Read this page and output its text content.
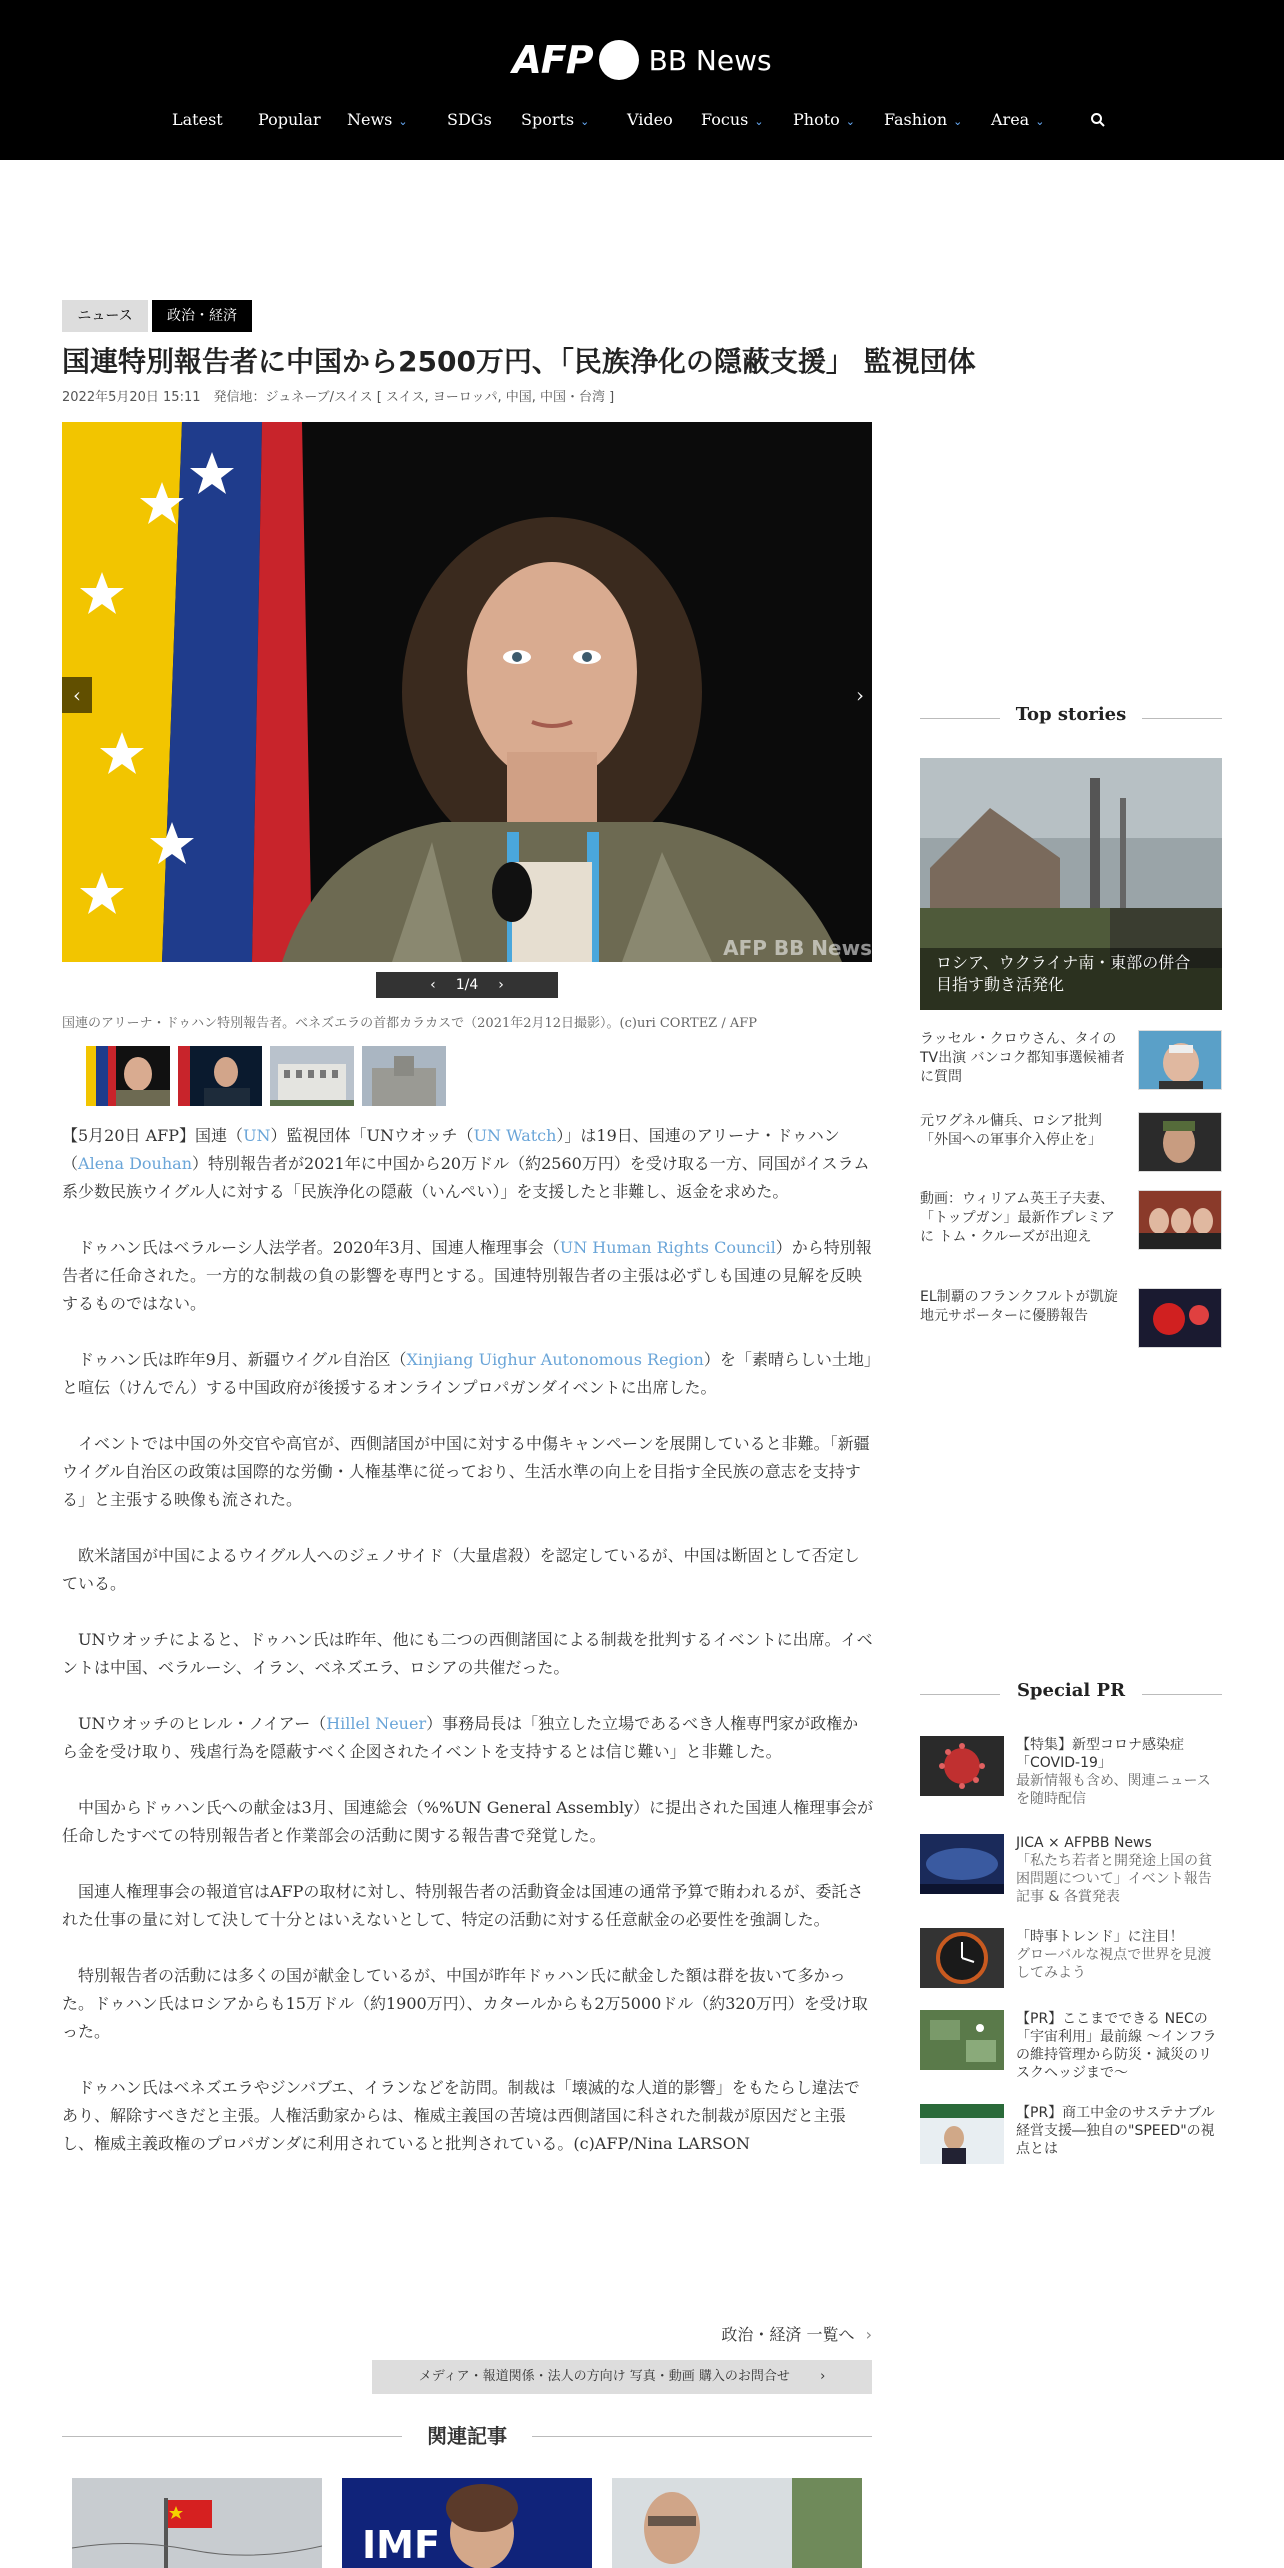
AFP BB News
Latest Popular News ⌄ SDGs Sports ⌄ Video Focus ⌄ Photo ⌄ Fashion ⌄ Area ⌄
ニュース	政治・経済
国連特別報告者に中国から2500万円、「民族浄化の隠蔽支援」 監視団体
2022年5月20日 15:11　発信地：ジュネーブ/スイス [ スイス, ヨーロッパ, 中国, 中国・台湾 ]
‹	›
AFP BB News
‹ 1/4 ›
国連のアリーナ・ドゥハン特別報告者。ベネズエラの首都カラカスで（2021年2月12日撮影）。(c)uri CORTEZ / AFP

【5月20日 AFP】国連（UN）監視団体「UNウオッチ（UN Watch）」は19日、国連のアリーナ・ドゥハン（Alena Douhan）特別報告者が2021年に中国から20万ドル（約2560万円）を受け取る一方、同国がイスラム系少数民族ウイグル人に対する「民族浄化の隠蔽（いんぺい）」を支援したと非難し、返金を求めた。

　ドゥハン氏はベラルーシ人法学者。2020年3月、国連人権理事会（UN Human Rights Council）から特別報告者に任命された。一方的な制裁の負の影響を専門とする。国連特別報告者の主張は必ずしも国連の見解を反映するものではない。

　ドゥハン氏は昨年9月、新疆ウイグル自治区（Xinjiang Uighur Autonomous Region）を「素晴らしい土地」と喧伝（けんでん）する中国政府が後援するオンラインプロパガンダイベントに出席した。

　イベントでは中国の外交官や高官が、西側諸国が中国に対する中傷キャンペーンを展開していると非難。「新疆ウイグル自治区の政策は国際的な労働・人権基準に従っており、生活水準の向上を目指す全民族の意志を支持する」と主張する映像も流された。

　欧米諸国が中国によるウイグル人へのジェノサイド（大量虐殺）を認定しているが、中国は断固として否定している。

　UNウオッチによると、ドゥハン氏は昨年、他にも二つの西側諸国による制裁を批判するイベントに出席。イベントは中国、ベラルーシ、イラン、ベネズエラ、ロシアの共催だった。

　UNウオッチのヒレル・ノイアー（Hillel Neuer）事務局長は「独立した立場であるべき人権専門家が政権から金を受け取り、残虐行為を隠蔽すべく企図されたイベントを支持するとは信じ難い」と非難した。

　中国からドゥハン氏への献金は3月、国連総会（%%UN General Assembly）に提出された国連人権理事会が任命したすべての特別報告者と作業部会の活動に関する報告書で発覚した。

　国連人権理事会の報道官はAFPの取材に対し、特別報告者の活動資金は国連の通常予算で賄われるが、委託された仕事の量に対して決して十分とはいえないとして、特定の活動に対する任意献金の必要性を強調した。

　特別報告者の活動には多くの国が献金しているが、中国が昨年ドゥハン氏に献金した額は群を抜いて多かった。ドゥハン氏はロシアからも15万ドル（約1900万円）、カタールからも2万5000ドル（約320万円）を受け取った。

　ドゥハン氏はベネズエラやジンバブエ、イランなどを訪問。制裁は「壊滅的な人道的影響」をもたらし違法であり、解除すべきだと主張。人権活動家からは、権威主義国の苦境は西側諸国に科された制裁が原因だと主張し、権威主義政権のプロパガンダに利用されていると批判されている。(c)AFP/Nina LARSON

政治・経済 一覧へ ›
メディア・報道関係・法人の方向け 写真・動画 購入のお問合せ ›
関連記事
IMF
Top stories
ロシア、ウクライナ南・東部の併合目指す動き活発化
ラッセル・クロウさん、タイのTV出演 バンコク都知事選候補者に質問
元ワグネル傭兵、ロシア批判「外国への軍事介入停止を」
動画：ウィリアム英王子夫妻、「トップガン」最新作プレミアに トム・クルーズが出迎え
EL制覇のフランクフルトが凱旋 地元サポーターに優勝報告
Special PR
【特集】新型コロナ感染症「COVID-19」
最新情報も含め、関連ニュースを随時配信
JICA × AFPBB News
「私たち若者と開発途上国の貧困問題について」イベント報告記事 & 各賞発表
「時事トレンド」に注目！
グローバルな視点で世界を見渡してみよう
【PR】ここまでできる NECの「宇宙利用」最前線 ～インフラの維持管理から防災・減災のリスクヘッジまで～
【PR】商工中金のサステナブル経営支援―独自の"SPEED"の視点とは
